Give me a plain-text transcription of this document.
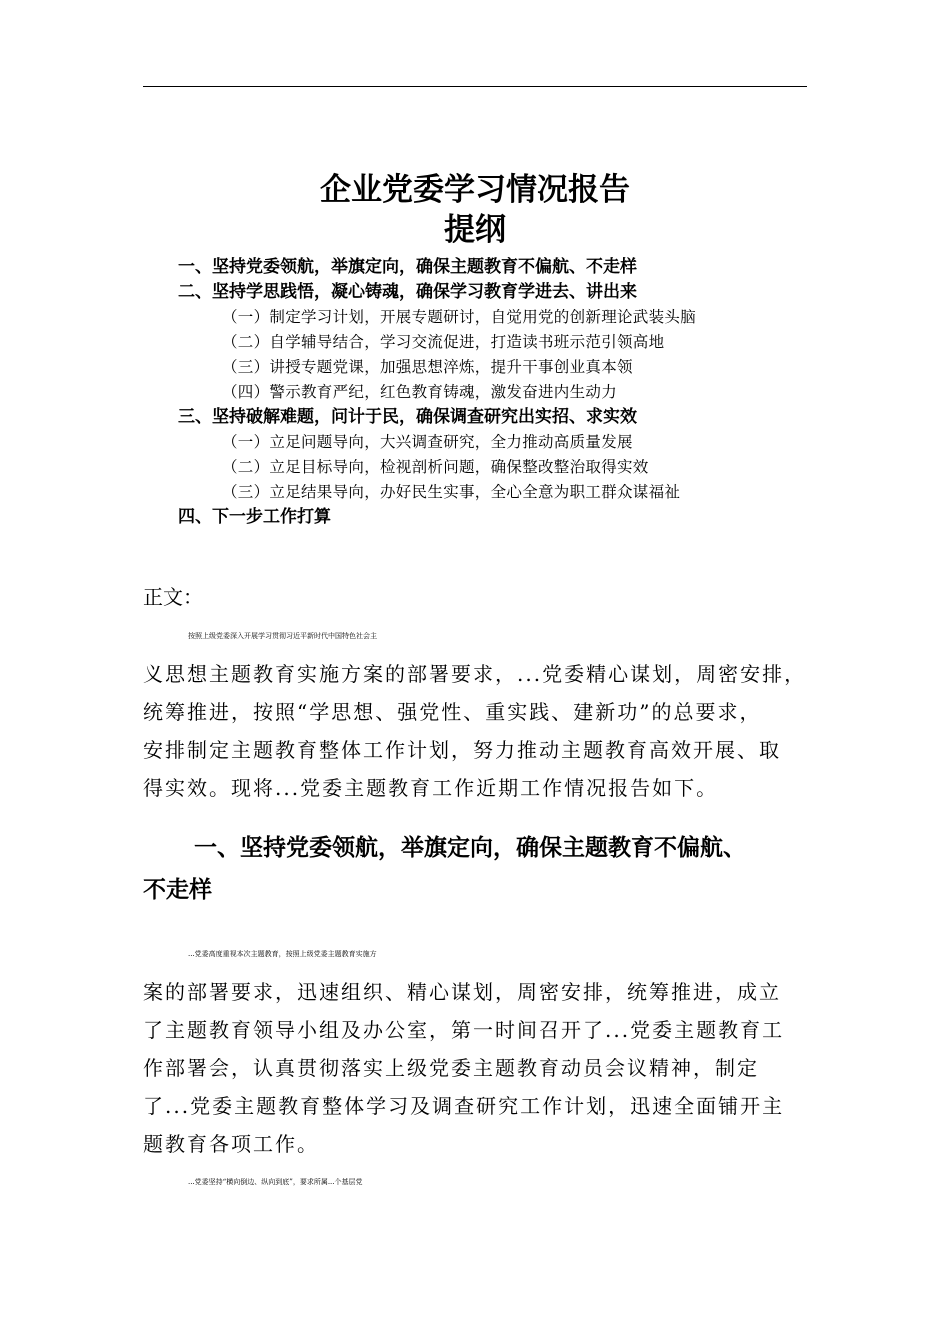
企业党委学习情况报告
提纲
一、坚持党委领航，举旗定向，确保主题教育不偏航、不走样
二、坚持学思践悟，凝心铸魂，确保学习教育学进去、讲出来
（一）制定学习计划，开展专题研讨，自觉用党的创新理论武装头脑
（二）自学辅导结合，学习交流促进，打造读书班示范引领高地
（三）讲授专题党课，加强思想淬炼，提升干事创业真本领
（四）警示教育严纪，红色教育铸魂，激发奋进内生动力
三、坚持破解难题，问计于民，确保调查研究出实招、求实效
（一）立足问题导向，大兴调查研究，全力推动高质量发展
（二）立足目标导向，检视剖析问题，确保整改整治取得实效
（三）立足结果导向，办好民生实事，全心全意为职工群众谋福祉
四、下一步工作打算
正文：
按照上级党委深入开展学习贯彻习近平新时代中国特色社会主
义思想主题教育实施方案的部署要求，...党委精心谋划，周密安排，
统筹推进，按照“学思想、强党性、重实践、建新功”的总要求，
安排制定主题教育整体工作计划，努力推动主题教育高效开展、取
得实效。现将...党委主题教育工作近期工作情况报告如下。
一、坚持党委领航，举旗定向，确保主题教育不偏航、
不走样
...党委高度重视本次主题教育，按照上级党委主题教育实施方
案的部署要求，迅速组织、精心谋划，周密安排，统筹推进，成立
了主题教育领导小组及办公室，第一时间召开了...党委主题教育工
作部署会，认真贯彻落实上级党委主题教育动员会议精神，制定
了...党委主题教育整体学习及调查研究工作计划，迅速全面铺开主
题教育各项工作。
...党委坚持“横向倒边、纵向到底”，要求所属...个基层党
